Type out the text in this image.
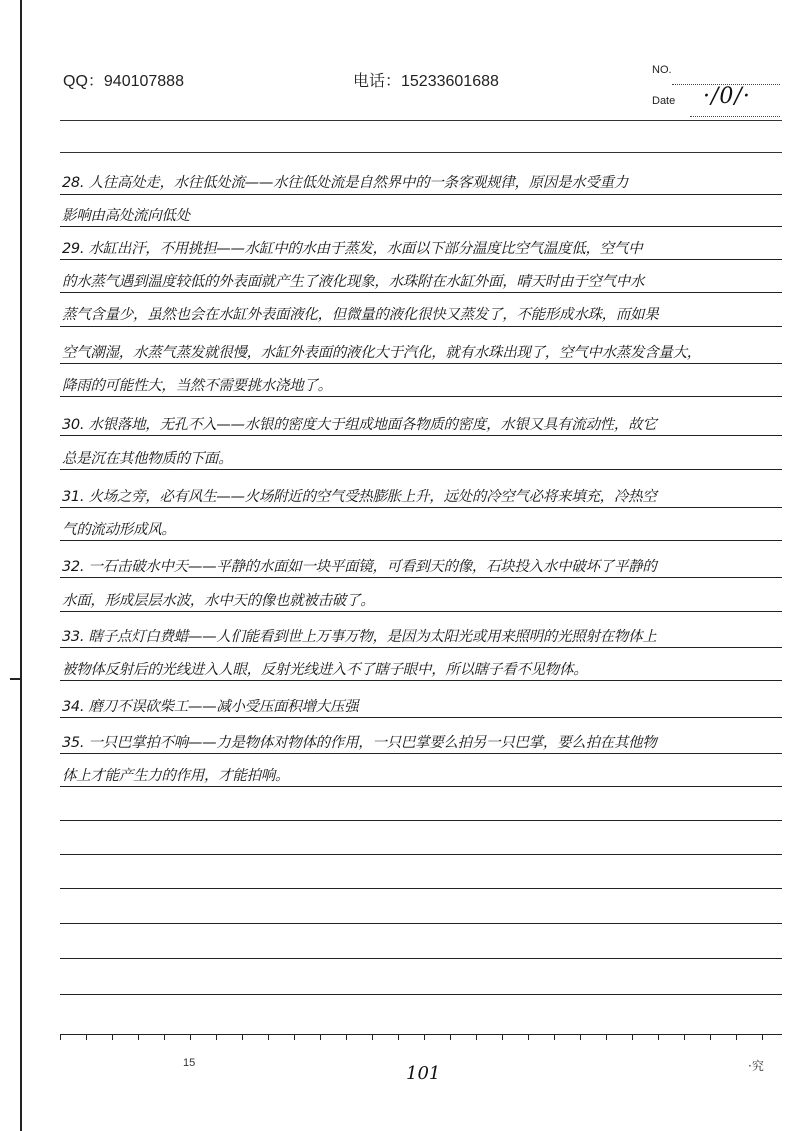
QQ：940107888	电话：15233601688
NO.
Date ·/0/·
28. 人往高处走，水往低处流——水往低处流是自然界中的一条客观规律，原因是水受重力
影响由高处流向低处
29. 水缸出汗，不用挑担——水缸中的水由于蒸发，水面以下部分温度比空气温度低，空气中
的水蒸气遇到温度较低的外表面就产生了液化现象，水珠附在水缸外面，晴天时由于空气中水
蒸气含量少，虽然也会在水缸外表面液化，但微量的液化很快又蒸发了，不能形成水珠，而如果
空气潮湿，水蒸气蒸发就很慢，水缸外表面的液化大于汽化，就有水珠出现了，空气中水蒸发含量大，
降雨的可能性大，当然不需要挑水浇地了。
30. 水银落地，无孔不入——水银的密度大于组成地面各物质的密度，水银又具有流动性，故它
总是沉在其他物质的下面。
31. 火场之旁，必有风生——火场附近的空气受热膨胀上升，远处的冷空气必将来填充，冷热空
气的流动形成风。
32. 一石击破水中天——平静的水面如一块平面镜，可看到天的像，石块投入水中破坏了平静的
水面，形成层层水波，水中天的像也就被击破了。
33. 瞎子点灯白费蜡——人们能看到世上万事万物，是因为太阳光或用来照明的光照射在物体上
被物体反射后的光线进入人眼，反射光线进入不了瞎子眼中，所以瞎子看不见物体。
34. 磨刀不误砍柴工——减小受压面积增大压强
35. 一只巴掌拍不响——力是物体对物体的作用，一只巴掌要么拍另一只巴掌，要么拍在其他物
体上才能产生力的作用，才能拍响。
15	101	·究
